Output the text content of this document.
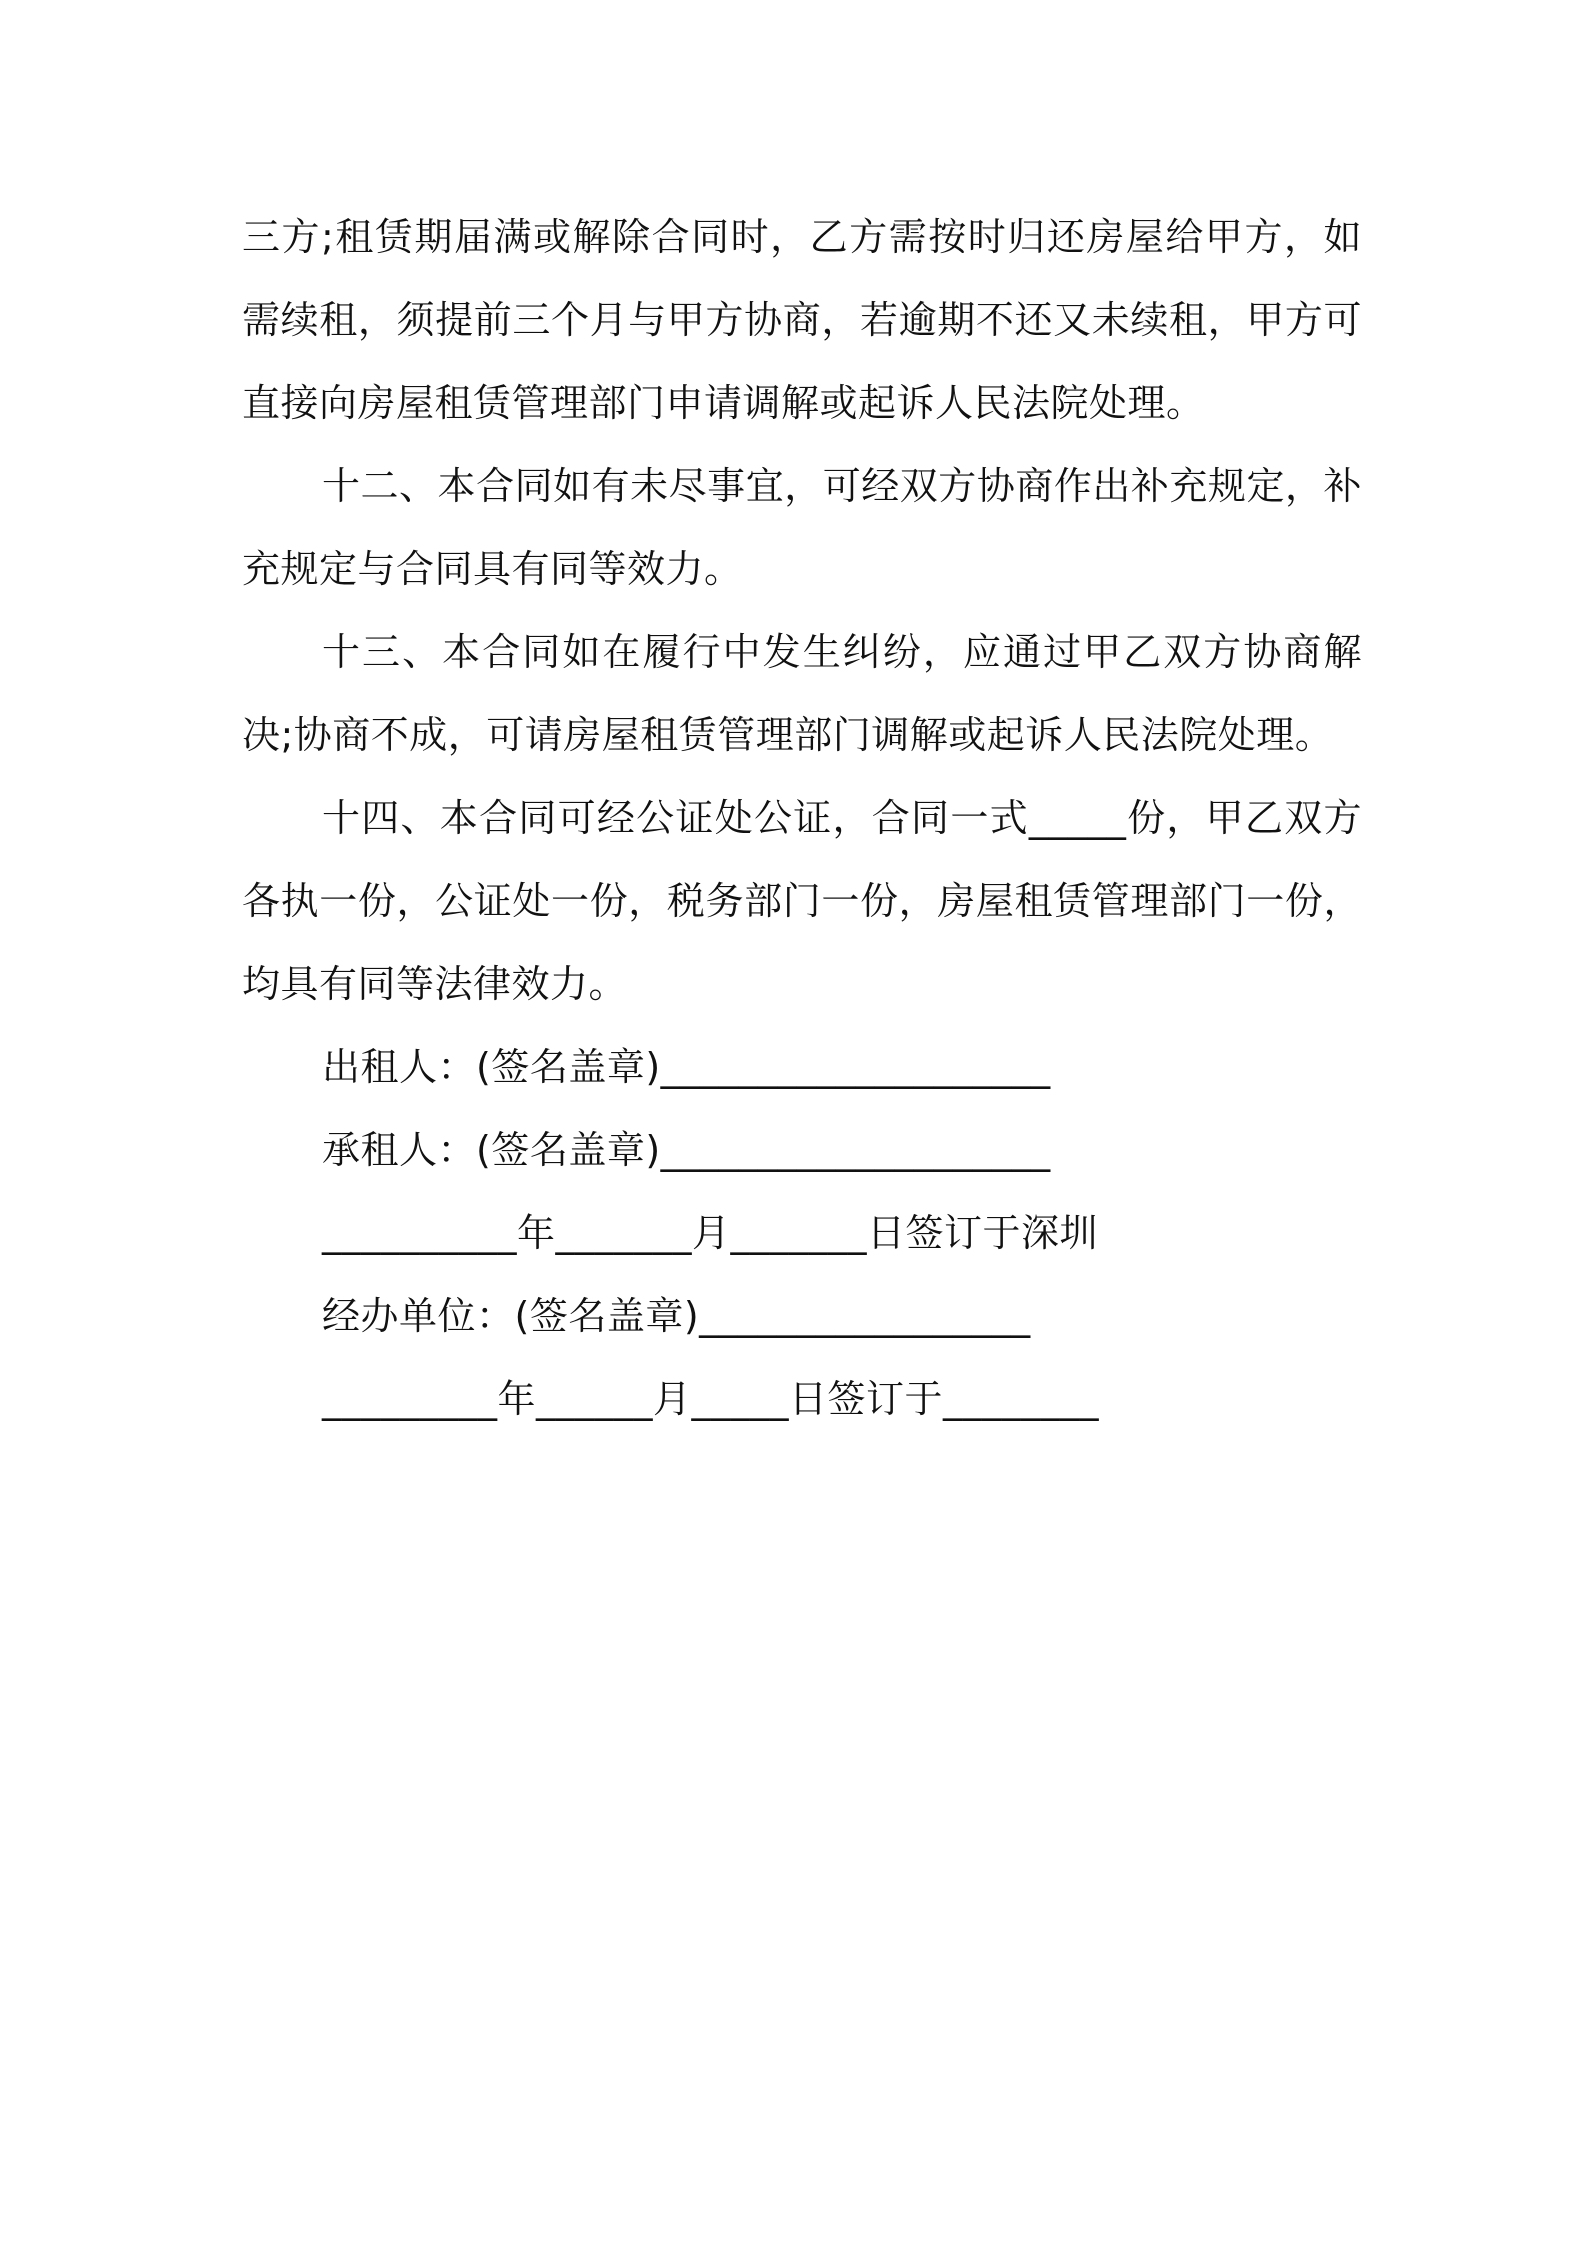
三方;租赁期届满或解除合同时，乙方需按时归还房屋给甲方，如需续租，须提前三个月与甲方协商，若逾期不还又未续租，甲方可直接向房屋租赁管理部门申请调解或起诉人民法院处理。

十二、本合同如有未尽事宜，可经双方协商作出补充规定，补充规定与合同具有同等效力。

十三、本合同如在履行中发生纠纷，应通过甲乙双方协商解决;协商不成，可请房屋租赁管理部门调解或起诉人民法院处理。

十四、本合同可经公证处公证，合同一式_____份，甲乙双方各执一份，公证处一份，税务部门一份，房屋租赁管理部门一份，均具有同等法律效力。

出租人：(签名盖章)____________________

承租人：(签名盖章)____________________

__________年_______月_______日签订于深圳

经办单位：(签名盖章)_________________

_________年______月_____日签订于________
